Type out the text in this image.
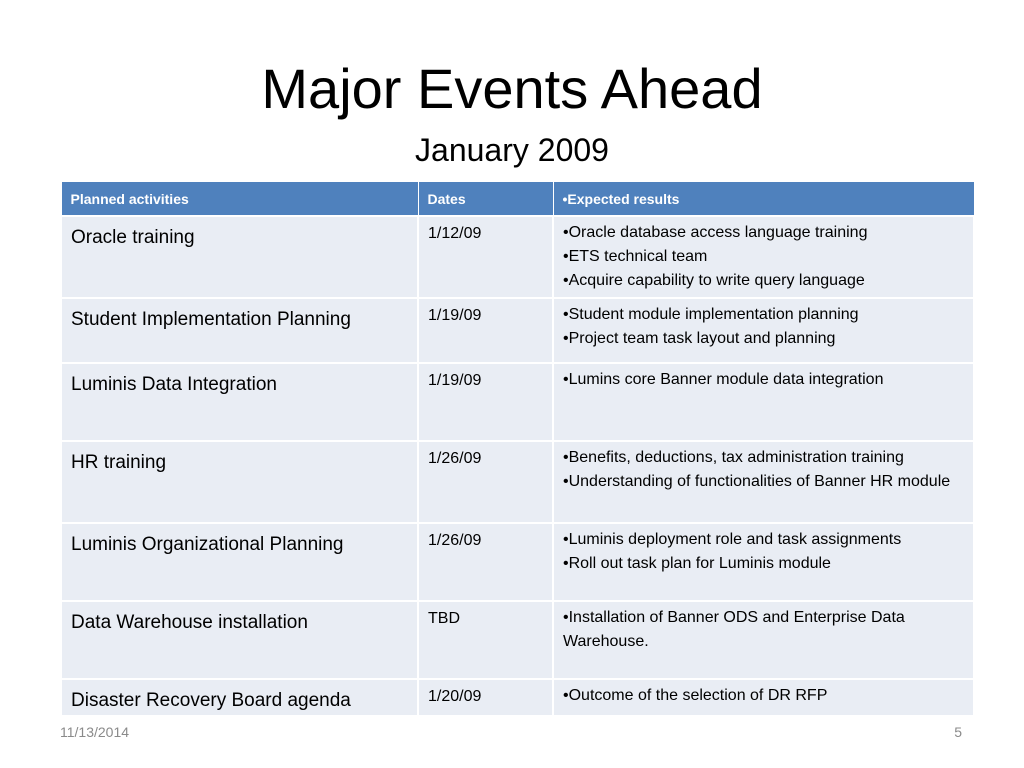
Major Events Ahead
January 2009
Planned activities	Dates	•Expected results
Oracle training	1/12/09	•Oracle database access language training
•ETS technical team
•Acquire capability to write query language

Student Implementation Planning	1/19/09	•Student module implementation planning
•Project team task layout and planning

Luminis Data Integration	1/19/09	•Lumins core Banner module data integration

HR training	1/26/09	•Benefits, deductions, tax administration training
•Understanding of functionalities of Banner HR module

Luminis Organizational Planning	1/26/09	•Luminis deployment role and task assignments
•Roll out task plan for Luminis module

Data Warehouse installation	TBD	•Installation of Banner ODS and Enterprise Data Warehouse.

Disaster Recovery Board agenda	1/20/09	•Outcome of the selection of DR RFP
11/13/2014	5
